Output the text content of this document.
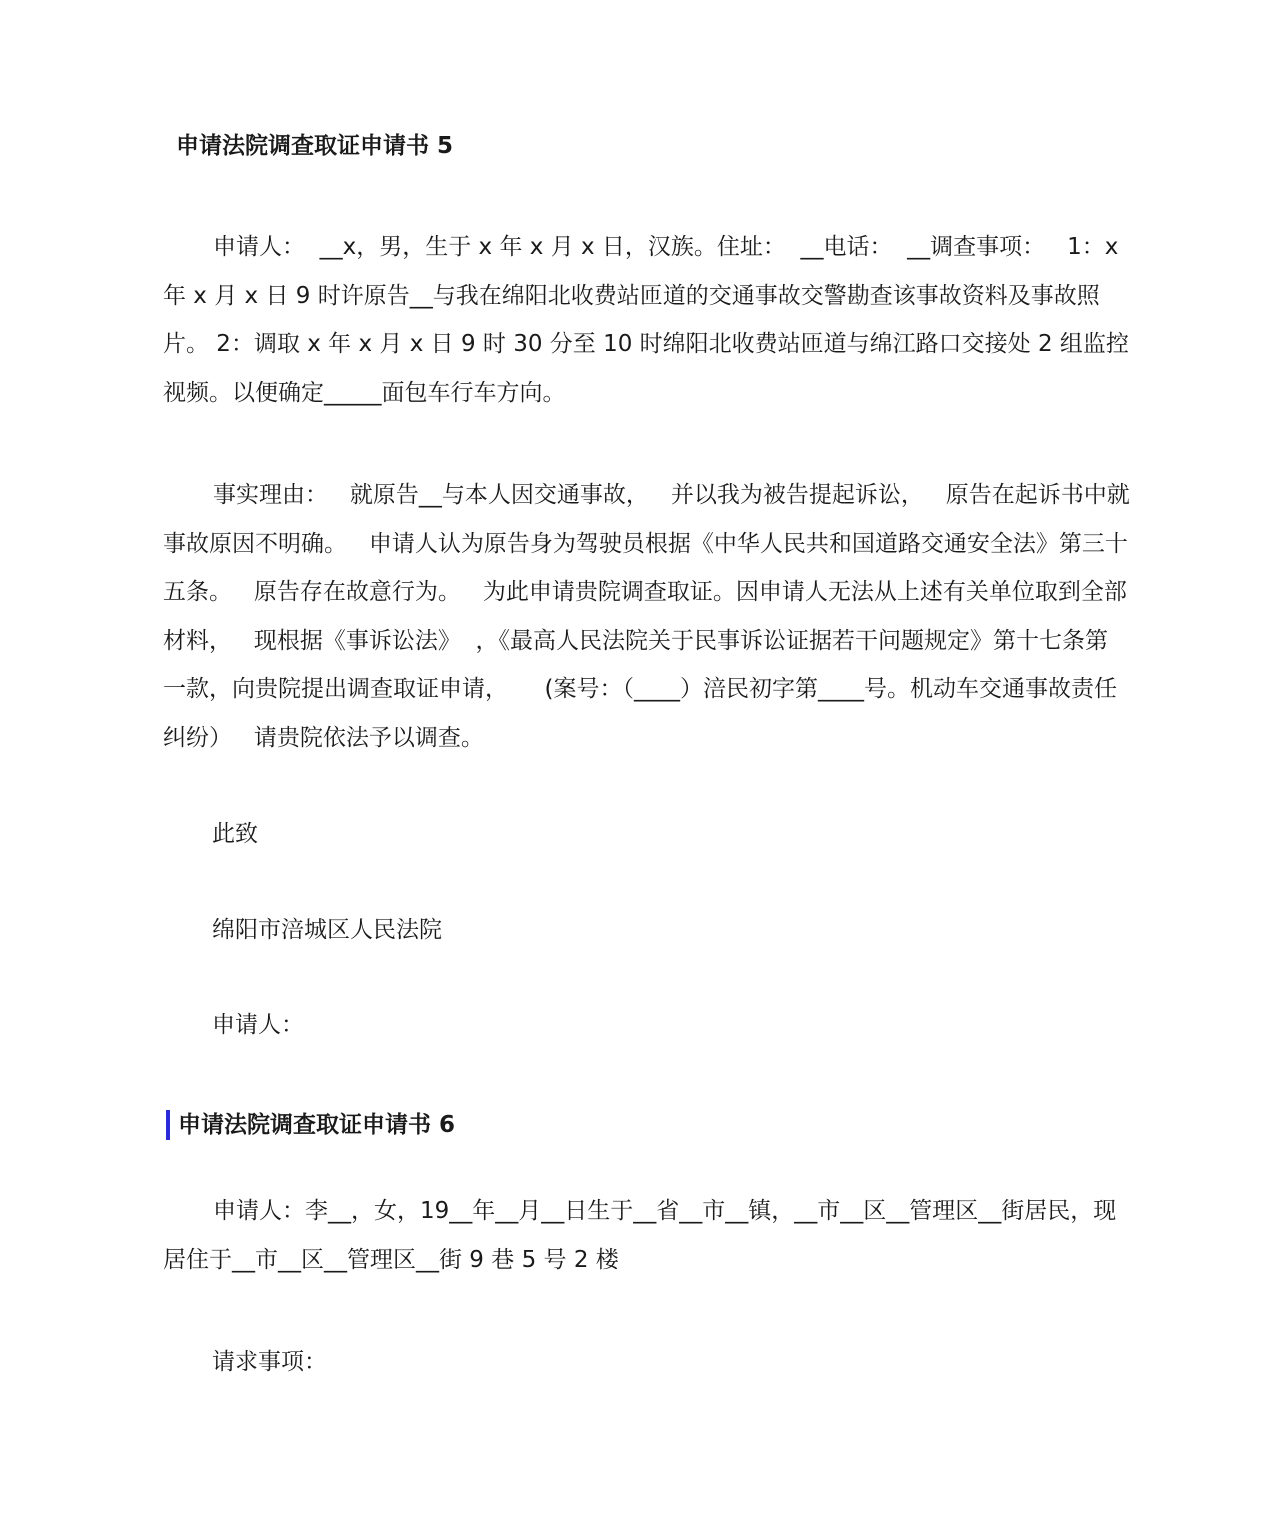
申请法院调查取证申请书 5

申请人：  __x，男，生于 x 年 x 月 x 日，汉族。住址：  __电话：  __调查事项：   1：x 年 x 月 x 日 9 时许原告__与我在绵阳北收费站匝道的交通事故交警勘查该事故资料及事故照片。 2：调取 x 年 x 月 x 日 9 时 30 分至 10 时绵阳北收费站匝道与绵江路口交接处 2 组监控视频。以便确定_____面包车行车方向。

事实理由：   就原告__与本人因交通事故，   并以我为被告提起诉讼，   原告在起诉书中就事故原因不明确。   申请人认为原告身为驾驶员根据《中华人民共和国道路交通安全法》第三十五条。   原告存在故意行为。   为此申请贵院调查取证。因申请人无法从上述有关单位取到全部材料，   现根据《事诉讼法》  ，《最高人民法院关于民事诉讼证据若干问题规定》第十七条第一款，向贵院提出调查取证申请，     (案号：（____）涪民初字第____号。机动车交通事故责任纠纷）   请贵院依法予以调查。

此致

绵阳市涪城区人民法院

申请人：

申请法院调查取证申请书 6

申请人：李__，女，19__年__月__日生于__省__市__镇，__市__区__管理区__街居民，现居住于__市__区__管理区__街 9 巷 5 号 2 楼

请求事项：
